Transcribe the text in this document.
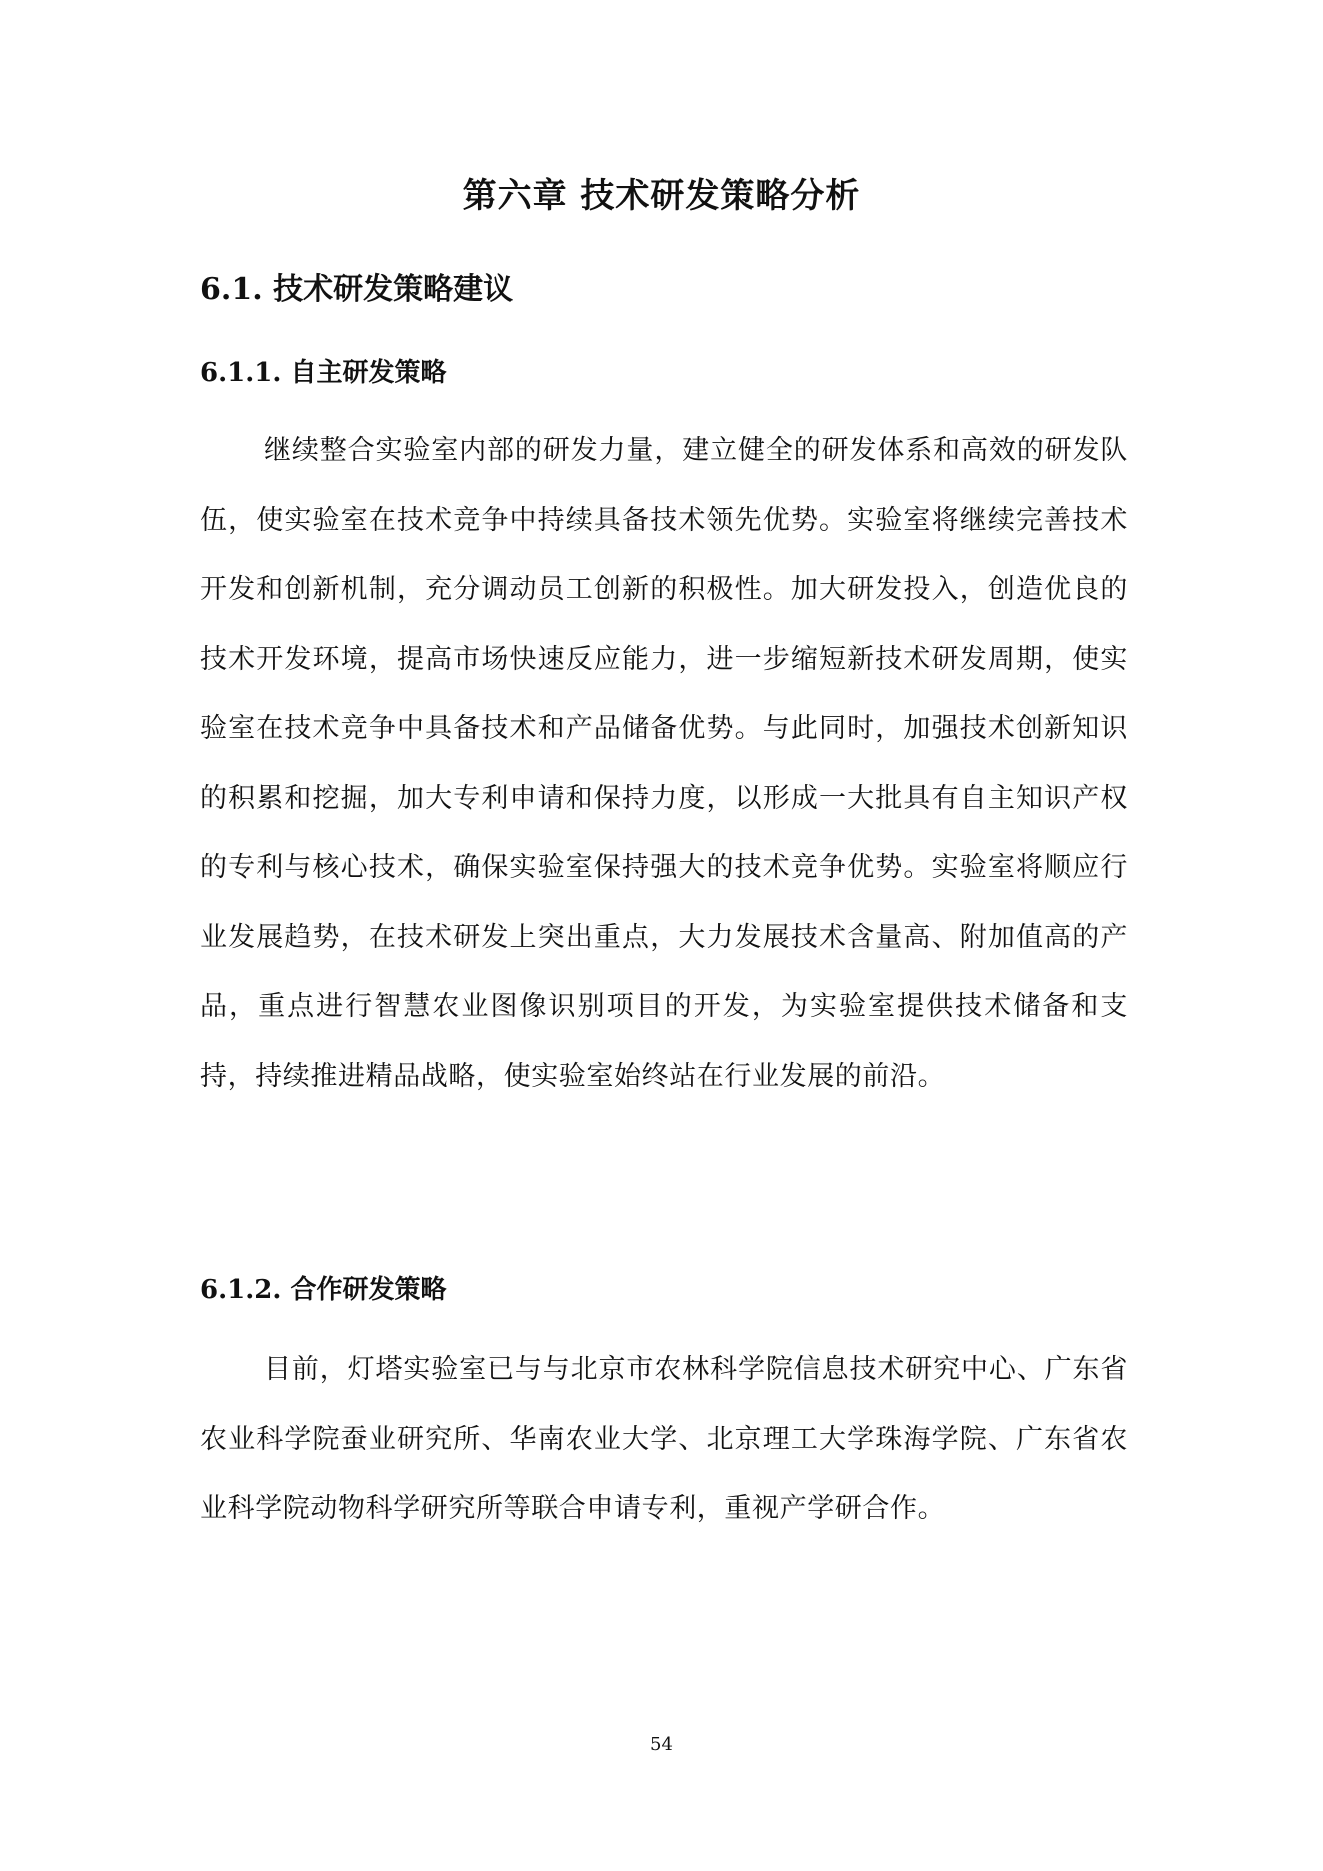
第六章 技术研发策略分析
6.1. 技术研发策略建议
6.1.1. 自主研发策略

继续整合实验室内部的研发力量，建立健全的研发体系和高效的研发队伍，使实验室在技术竞争中持续具备技术领先优势。实验室将继续完善技术开发和创新机制，充分调动员工创新的积极性。加大研发投入，创造优良的技术开发环境，提高市场快速反应能力，进一步缩短新技术研发周期，使实验室在技术竞争中具备技术和产品储备优势。与此同时，加强技术创新知识的积累和挖掘，加大专利申请和保持力度，以形成一大批具有自主知识产权的专利与核心技术，确保实验室保持强大的技术竞争优势。实验室将顺应行业发展趋势，在技术研发上突出重点，大力发展技术含量高、附加值高的产品，重点进行智慧农业图像识别项目的开发，为实验室提供技术储备和支持，持续推进精品战略，使实验室始终站在行业发展的前沿。

6.1.2. 合作研发策略

目前，灯塔实验室已与与北京市农林科学院信息技术研究中心、广东省农业科学院蚕业研究所、华南农业大学、北京理工大学珠海学院、广东省农业科学院动物科学研究所等联合申请专利，重视产学研合作。

54
